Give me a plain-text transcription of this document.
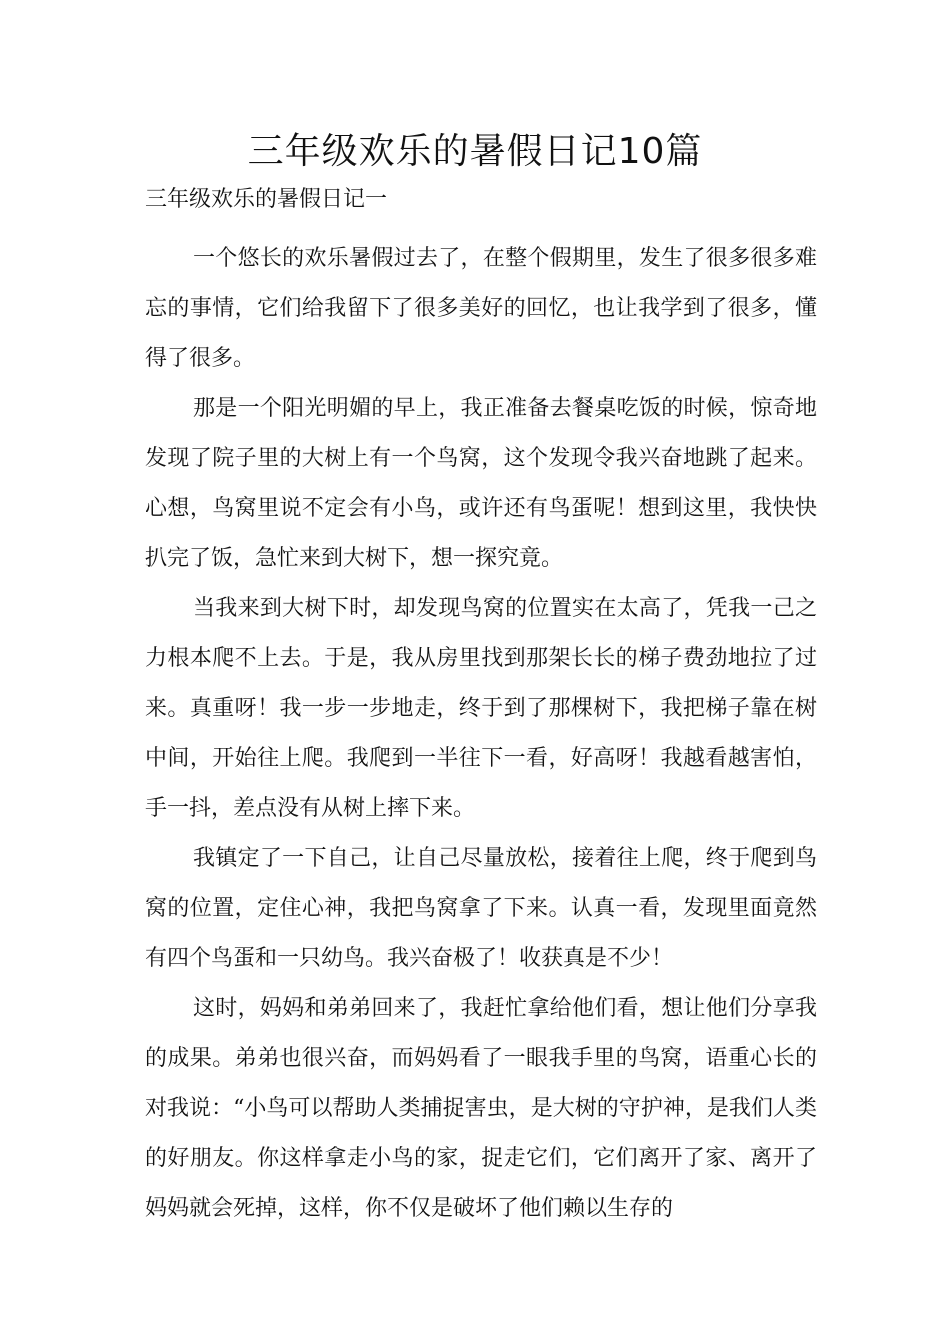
三年级欢乐的暑假日记10篇
三年级欢乐的暑假日记一

一个悠长的欢乐暑假过去了，在整个假期里，发生了很多很多难忘的事情，它们给我留下了很多美好的回忆，也让我学到了很多，懂得了很多。

那是一个阳光明媚的早上，我正准备去餐桌吃饭的时候，惊奇地发现了院子里的大树上有一个鸟窝，这个发现令我兴奋地跳了起来。心想，鸟窝里说不定会有小鸟，或许还有鸟蛋呢！想到这里，我快快扒完了饭，急忙来到大树下，想一探究竟。

当我来到大树下时，却发现鸟窝的位置实在太高了，凭我一己之力根本爬不上去。于是，我从房里找到那架长长的梯子费劲地拉了过来。真重呀！我一步一步地走，终于到了那棵树下，我把梯子靠在树中间，开始往上爬。我爬到一半往下一看，好高呀！我越看越害怕，手一抖，差点没有从树上摔下来。

我镇定了一下自己，让自己尽量放松，接着往上爬，终于爬到鸟窝的位置，定住心神，我把鸟窝拿了下来。认真一看，发现里面竟然有四个鸟蛋和一只幼鸟。我兴奋极了！收获真是不少！

这时，妈妈和弟弟回来了，我赶忙拿给他们看，想让他们分享我的成果。弟弟也很兴奋，而妈妈看了一眼我手里的鸟窝，语重心长的对我说：“小鸟可以帮助人类捕捉害虫，是大树的守护神，是我们人类的好朋友。你这样拿走小鸟的家，捉走它们，它们离开了家、离开了妈妈就会死掉，这样，你不仅是破坏了他们赖以生存的
